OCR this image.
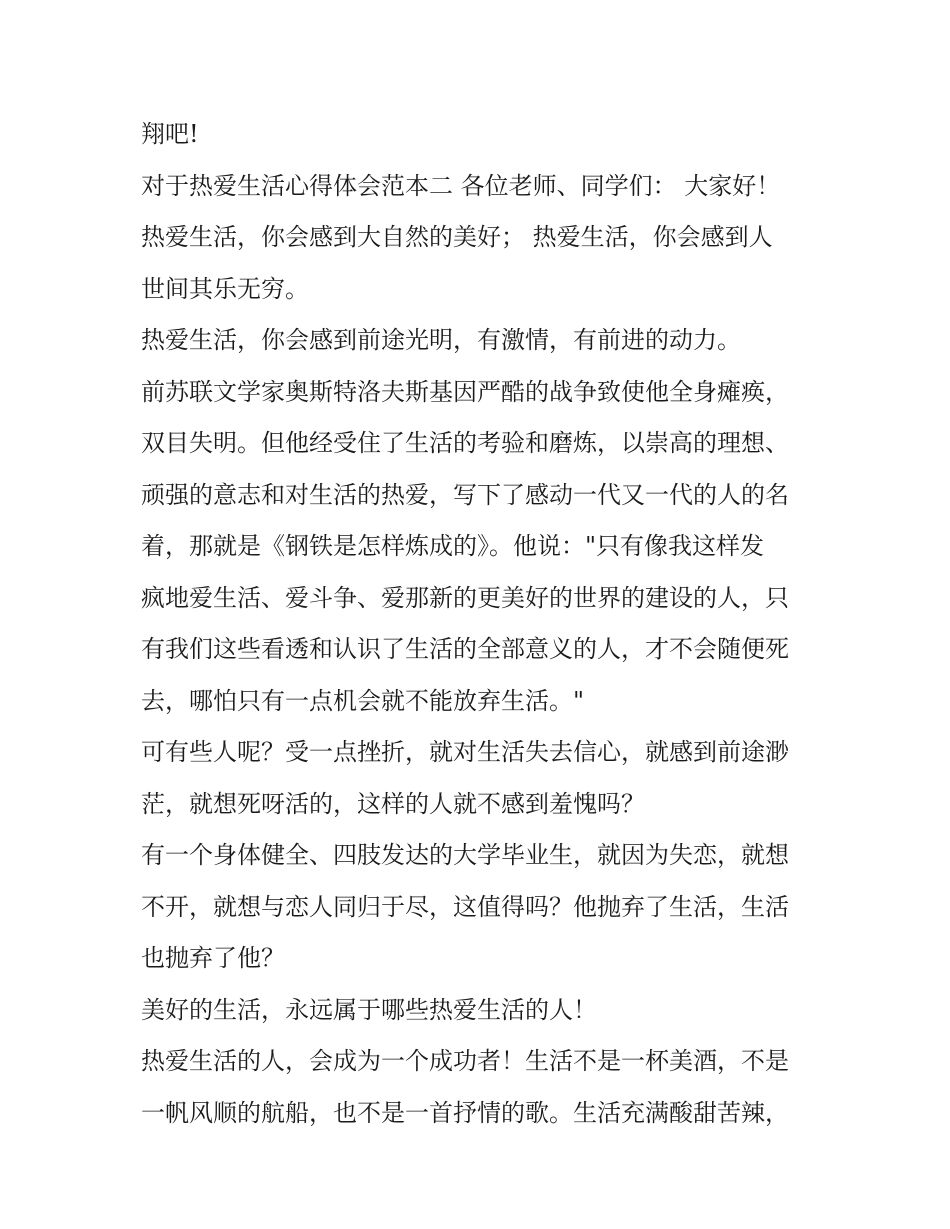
翔吧!

对于热爱生活心得体会范本二 各位老师、同学们： 大家好！

热爱生活，你会感到大自然的美好； 热爱生活，你会感到人

世间其乐无穷。

热爱生活，你会感到前途光明，有激情，有前进的动力。

前苏联文学家奥斯特洛夫斯基因严酷的战争致使他全身瘫痪，

双目失明。但他经受住了生活的考验和磨炼，以崇高的理想、

顽强的意志和对生活的热爱，写下了感动一代又一代的人的名

着，那就是《钢铁是怎样炼成的》。他说："只有像我这样发

疯地爱生活、爱斗争、爱那新的更美好的世界的建设的人，只

有我们这些看透和认识了生活的全部意义的人，才不会随便死

去，哪怕只有一点机会就不能放弃生活。"

可有些人呢？受一点挫折，就对生活失去信心，就感到前途渺

茫，就想死呀活的，这样的人就不感到羞愧吗？

有一个身体健全、四肢发达的大学毕业生，就因为失恋，就想

不开，就想与恋人同归于尽，这值得吗？他抛弃了生活，生活

也抛弃了他？

美好的生活，永远属于哪些热爱生活的人！

热爱生活的人，会成为一个成功者！生活不是一杯美酒，不是

一帆风顺的航船，也不是一首抒情的歌。生活充满酸甜苦辣，
